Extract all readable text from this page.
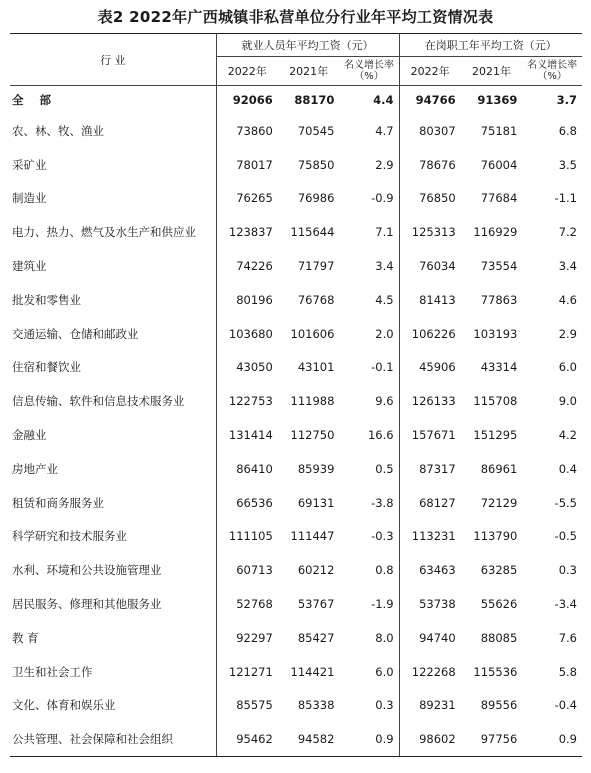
表2 2022年广西城镇非私营单位分行业年平均工资情况表
行 业	就业人员年平均工资（元）			在岗职工年平均工资（元）		
	2022年	2021年	名义增长率（%）	2022年	2021年	名义增长率（%）
全 部	92066	88170	4.4	94766	91369	3.7
农、林、牧、渔业	73860	70545	4.7	80307	75181	6.8
采矿业	78017	75850	2.9	78676	76004	3.5
制造业	76265	76986	-0.9	76850	77684	-1.1
电力、热力、燃气及水生产和供应业	123837	115644	7.1	125313	116929	7.2
建筑业	74226	71797	3.4	76034	73554	3.4
批发和零售业	80196	76768	4.5	81413	77863	4.6
交通运输、仓储和邮政业	103680	101606	2.0	106226	103193	2.9
住宿和餐饮业	43050	43101	-0.1	45906	43314	6.0
信息传输、软件和信息技术服务业	122753	111988	9.6	126133	115708	9.0
金融业	131414	112750	16.6	157671	151295	4.2
房地产业	86410	85939	0.5	87317	86961	0.4
租赁和商务服务业	66536	69131	-3.8	68127	72129	-5.5
科学研究和技术服务业	111105	111447	-0.3	113231	113790	-0.5
水利、环境和公共设施管理业	60713	60212	0.8	63463	63285	0.3
居民服务、修理和其他服务业	52768	53767	-1.9	53738	55626	-3.4
教 育	92297	85427	8.0	94740	88085	7.6
卫生和社会工作	121271	114421	6.0	122268	115536	5.8
文化、体育和娱乐业	85575	85338	0.3	89231	89556	-0.4
公共管理、社会保障和社会组织	95462	94582	0.9	98602	97756	0.9
